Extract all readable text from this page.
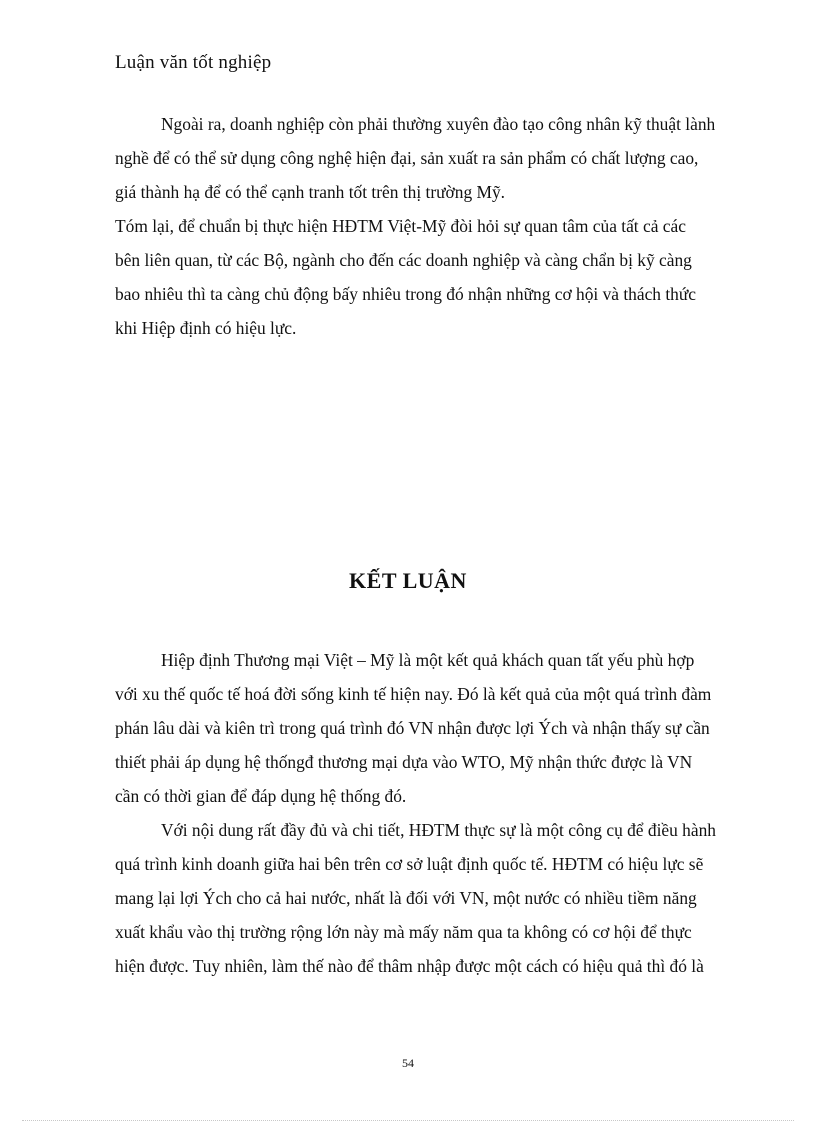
Luận văn tốt nghiệp
Ngoài ra, doanh nghiệp còn phải thường xuyên đào tạo công nhân kỹ thuật lành
nghề để có thể sử dụng công nghệ hiện đại, sản xuất ra sản phẩm có chất lượng cao,
giá thành hạ để có thể cạnh tranh tốt trên thị trường Mỹ.
Tóm lại, để chuẩn bị thực hiện HĐTM Việt-Mỹ đòi hỏi sự quan tâm của tất cả các
bên liên quan, từ các Bộ, ngành cho đến các doanh nghiệp và càng chẩn bị kỹ càng
bao nhiêu thì ta càng chủ động bấy nhiêu trong đó nhận những cơ hội và thách thức
khi Hiệp định có hiệu lực.
KẾT LUẬN
Hiệp định Thương mại Việt – Mỹ là một kết quả khách quan tất yếu phù hợp
với xu thế quốc tế hoá đời sống kinh tế hiện nay. Đó là kết quả của một quá trình đàm
phán lâu dài và kiên trì trong quá trình đó VN nhận được lợi Ých và nhận thấy sự cần
thiết phải áp dụng hệ thốngđ thương mại dựa vào WTO, Mỹ nhận thức được là VN
cần có thời gian để đáp dụng hệ thống đó.
Với nội dung rất đầy đủ và chi tiết, HĐTM thực sự là một công cụ để điều hành
quá trình kinh doanh giữa hai bên trên cơ sở luật định quốc tế. HĐTM có hiệu lực sẽ
mang lại lợi Ých cho cả hai nước, nhất là đối với VN, một nước có nhiều tiềm năng
xuất khẩu vào thị trường rộng lớn này mà mấy năm qua ta không có cơ hội để thực
hiện được. Tuy nhiên, làm thế nào để thâm nhập được một cách có hiệu quả thì đó là
54
